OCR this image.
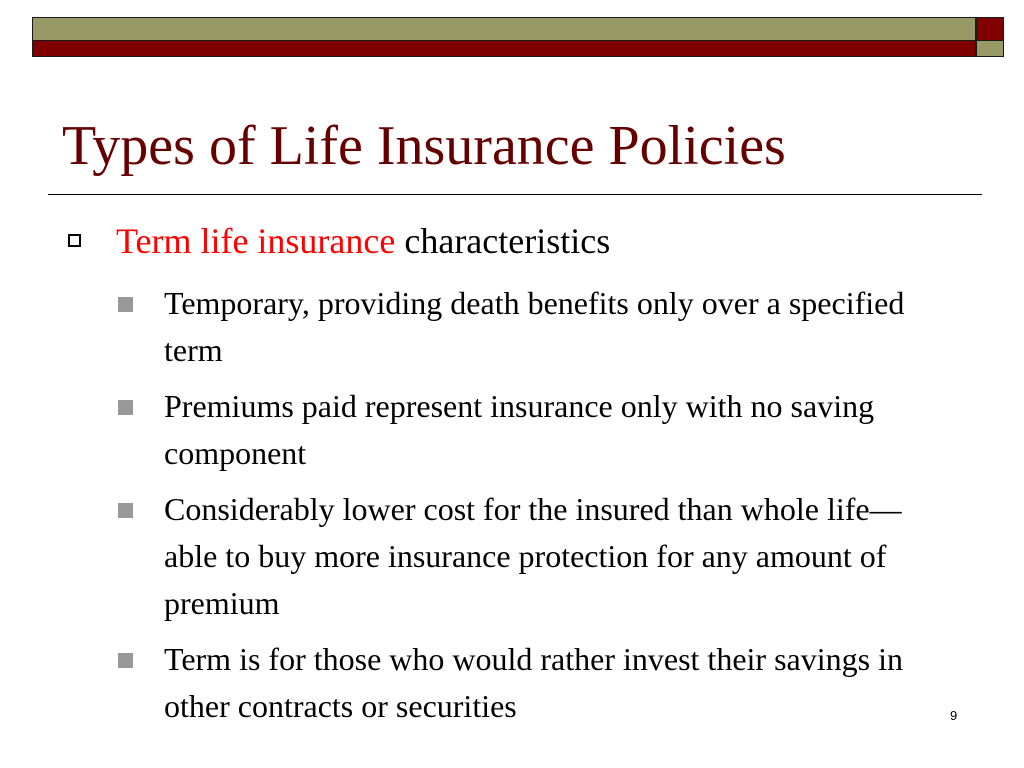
Types of Life Insurance Policies
Term life insurance characteristics
Temporary, providing death benefits only over a specified term
Premiums paid represent insurance only with no saving component
Considerably lower cost for the insured than whole life—able to buy more insurance protection for any amount of premium
Term is for those who would rather invest their savings in other contracts or securities	9
